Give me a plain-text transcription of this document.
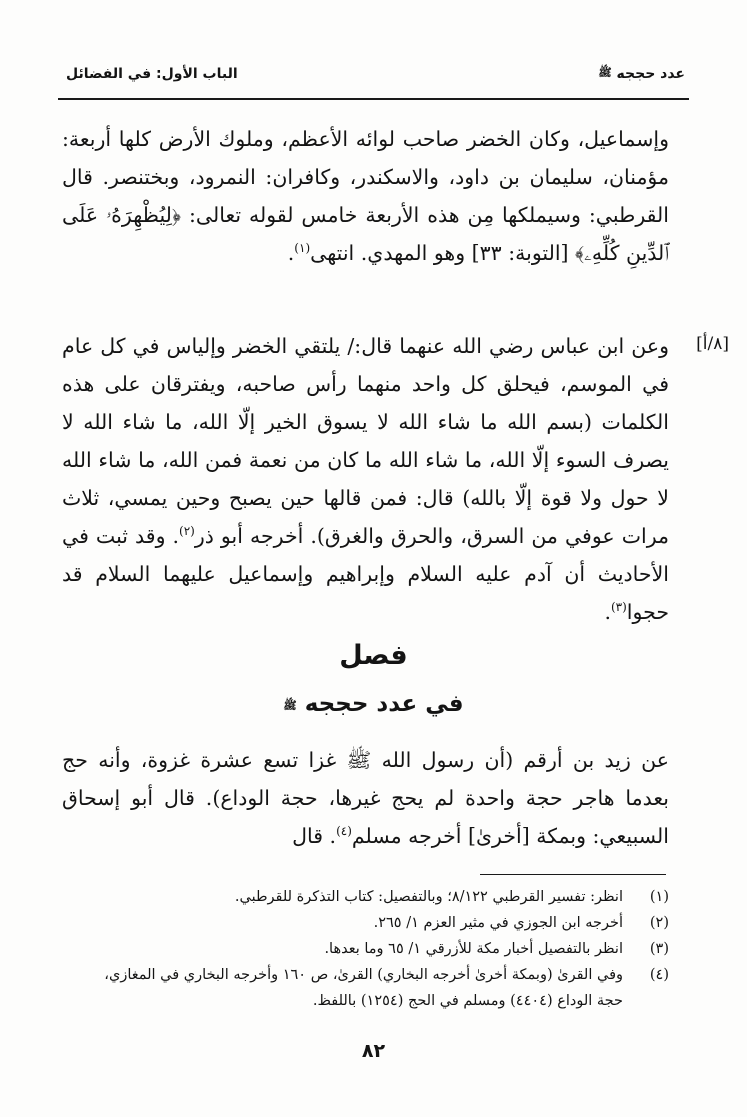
عدد حججه ﷺ
الباب الأول: في الفضائل

وإسماعيل، وكان الخضر صاحب لوائه الأعظم، وملوك الأرض كلها أربعة: مؤمنان، سليمان بن داود، والاسكندر، وكافران: النمرود، وبختنصر. قال القرطبي: وسيملكها مِن هذه الأربعة خامس لقوله تعالى: ﴿لِيُظْهِرَهُۥ عَلَى ٱلدِّينِ كُلِّهِۦ﴾ [التوبة: ٣٣] وهو المهدي. انتهى$^{(١)}$.

[٨/أ]

وعن ابن عباس رضي الله عنهما قال:/ يلتقي الخضر وإلياس في كل عام في الموسم، فيحلق كل واحد منهما رأس صاحبه، ويفترقان على هذه الكلمات (بسم الله ما شاء الله لا يسوق الخير إلّا الله، ما شاء الله لا يصرف السوء إلّا الله، ما شاء الله ما كان من نعمة فمن الله، ما شاء الله لا حول ولا قوة إلّا بالله) قال: فمن قالها حين يصبح وحين يمسي، ثلاث مرات عوفي من السرق، والحرق والغرق). أخرجه أبو ذر$^{(٢)}$. وقد ثبت في الأحاديث أن آدم عليه السلام وإبراهيم وإسماعيل عليهما السلام قد حجوا$^{(٣)}$.

فصل
في عدد حججه ﷺ

عن زيد بن أرقم (أن رسول الله ﷺ غزا تسع عشرة غزوة، وأنه حج بعدما هاجر حجة واحدة لم يحج غيرها، حجة الوداع). قال أبو إسحاق السبيعي: وبمكة [أخرىٰ] أخرجه مسلم$^{(٤)}$. قال

(١)
انظر: تفسير القرطبي ٨/١٢٢؛ وبالتفصيل: كتاب التذكرة للقرطبي.
(٢)
أخرجه ابن الجوزي في مثير العزم ١/ ٢٦٥.
(٣)
انظر بالتفصيل أخبار مكة للأزرقي ١/ ٦٥ وما بعدها.
(٤)
وفي القرىٰ (وبمكة أخرىٰ أخرجه البخاري) القرىٰ، ص ١٦٠ وأخرجه البخاري في المغازي، حجة الوداع (٤٤٠٤) ومسلم في الحج (١٢٥٤) باللفظ.
٨٢
